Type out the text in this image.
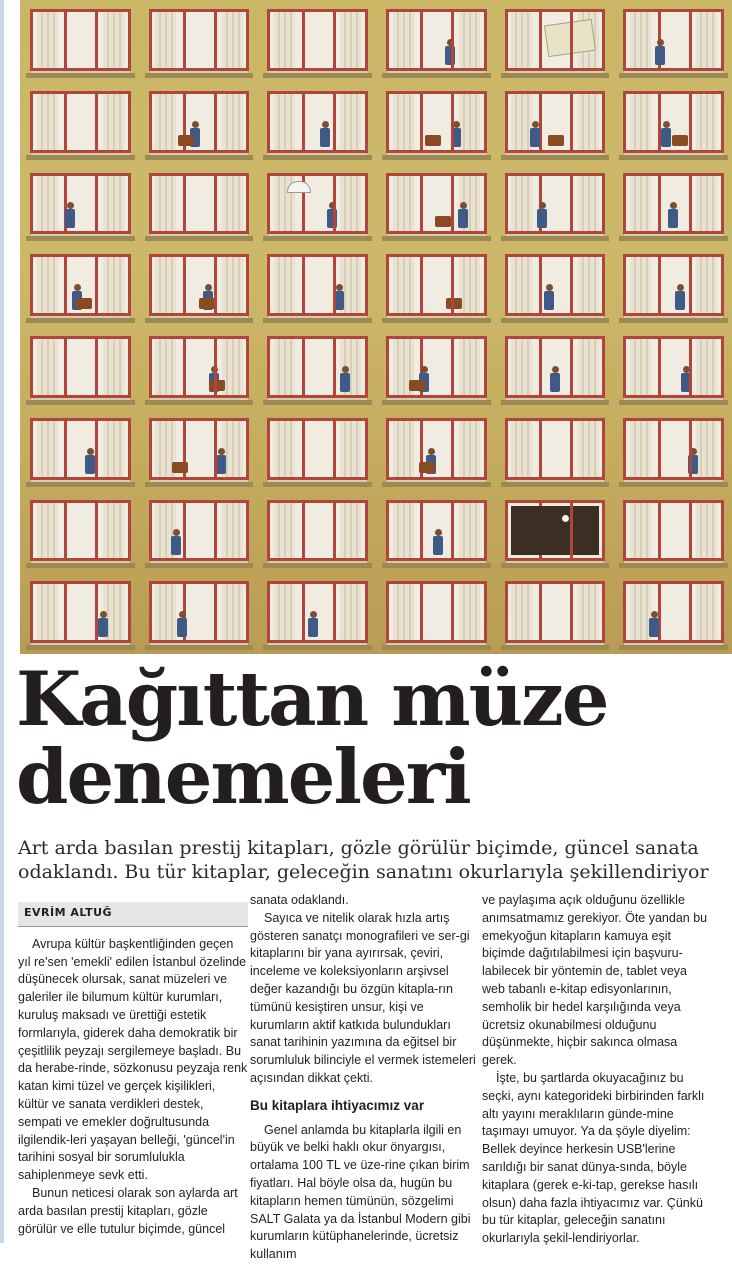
Kağıttan müze
denemeleri

Art arda basılan prestij kitapları, gözle görülür biçimde, güncel sanata odaklandı. Bu tür kitaplar, geleceğin sanatını okurlarıyla şekillendiriyor

EVRİM ALTUĞ

Avrupa kültür başkentliğinden geçen yıl re'sen 'emekli' edilen İstanbul özelinde düşünecek olursak, sanat müzeleri ve galeriler ile bilumum kültür kurumları, kuruluş maksadı ve ürettiği estetik formlarıyla, giderek daha demokratik bir çeşitlilik peyzajı sergilemeye başladı. Bu da herabe-rinde, sözkonusu peyzaja renk katan kimi tüzel ve gerçek kişilikleri, kültür ve sanata verdikleri destek, sempati ve emekler doğrultusunda ilgilendik-leri yaşayan belleği, 'güncel'in tarihini sosyal bir sorumlulukla sahiplenmeye sevk etti.

Bunun neticesi olarak son aylarda art arda basılan prestij kitapları, gözle görülür ve elle tutulur biçimde, güncel

sanata odaklandı.

Sayıca ve nitelik olarak hızla artış gösteren sanatçı monografileri ve ser-gi kitaplarını bir yana ayırırsak, çeviri, inceleme ve koleksiyonların arşivsel değer kazandığı bu özgün kitapla-rın tümünü kesiştiren unsur, kişi ve kurumların aktif katkıda bulundukları sanat tarihinin yazımına da eğitsel bir sorumluluk bilinciyle el vermek istemeleri açısından dikkat çekti.

Bu kitaplara ihtiyacımız var

Genel anlamda bu kitaplarla ilgili en büyük ve belki haklı okur önyargısı, ortalama 100 TL ve üze-rine çıkan birim fiyatları. Hal böyle olsa da, hugün bu kitapların hemen tümünün, sözgelimi SALT Galata ya da İstanbul Modern gibi kurumların kütüphanelerinde, ücretsiz kullanım

ve paylaşıma açık olduğunu özellikle anımsatmamız gerekiyor. Öte yandan bu emekyoğun kitapların kamuya eşit biçimde dağıtılabilmesi için başvuru-labilecek bir yöntemin de, tablet veya web tabanlı e-kitap edisyonlarının, semholik bir hedel karşılığında veya ücretsiz okunabilmesi olduğunu düşünmekte, hiçbir sakınca olmasa gerek.

İşte, bu şartlarda okuyacağınız bu seçki, aynı kategorideki birbirinden farklı altı yayını meraklıların günde-mine taşımayı umuyor. Ya da şöyle diyelim: Bellek deyince herkesin USB'lerine sarıldığı bir sanat dünya-sında, böyle kitaplara (gerek e-ki-tap, gerekse hasılı olsun) daha fazla ihtiyacımız var. Çünkü bu tür kitaplar, geleceğin sanatını okurlarıyla şekil-lendiriyorlar.
